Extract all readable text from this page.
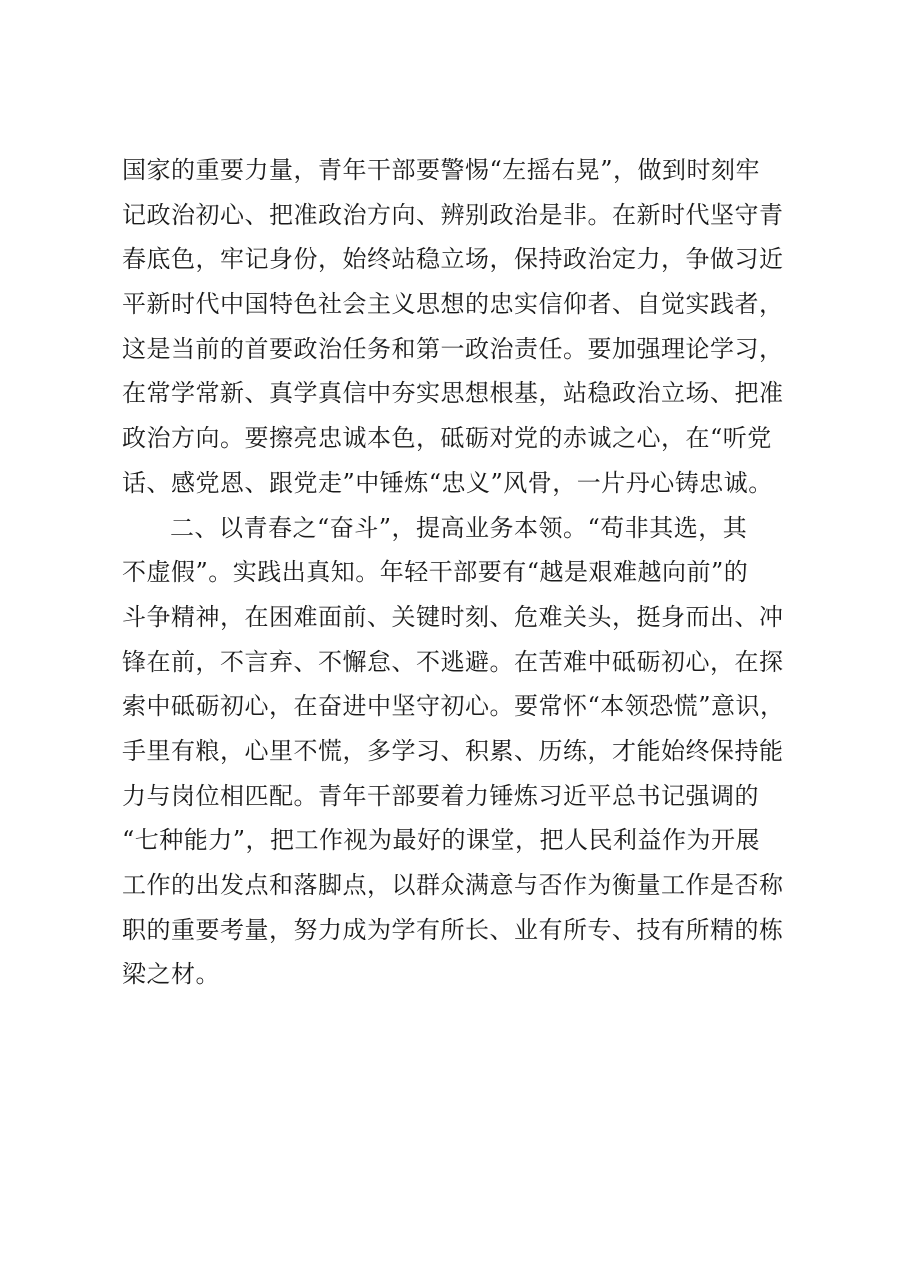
国家的重要力量，青年干部要警惕“左摇右晃”，做到时刻牢
记政治初心、把准政治方向、辨别政治是非。在新时代坚守青
春底色，牢记身份，始终站稳立场，保持政治定力，争做习近
平新时代中国特色社会主义思想的忠实信仰者、自觉实践者，
这是当前的首要政治任务和第一政治责任。要加强理论学习，
在常学常新、真学真信中夯实思想根基，站稳政治立场、把准
政治方向。要擦亮忠诚本色，砥砺对党的赤诚之心，在“听党
话、感党恩、跟党走”中锤炼“忠义”风骨，一片丹心铸忠诚。
二、以青春之“奋斗”，提高业务本领。“苟非其选，其
不虚假”。实践出真知。年轻干部要有“越是艰难越向前”的
斗争精神，在困难面前、关键时刻、危难关头，挺身而出、冲
锋在前，不言弃、不懈怠、不逃避。在苦难中砥砺初心，在探
索中砥砺初心，在奋进中坚守初心。要常怀“本领恐慌”意识，
手里有粮，心里不慌，多学习、积累、历练，才能始终保持能
力与岗位相匹配。青年干部要着力锤炼习近平总书记强调的
“七种能力”，把工作视为最好的课堂，把人民利益作为开展
工作的出发点和落脚点，以群众满意与否作为衡量工作是否称
职的重要考量，努力成为学有所长、业有所专、技有所精的栋
梁之材。
